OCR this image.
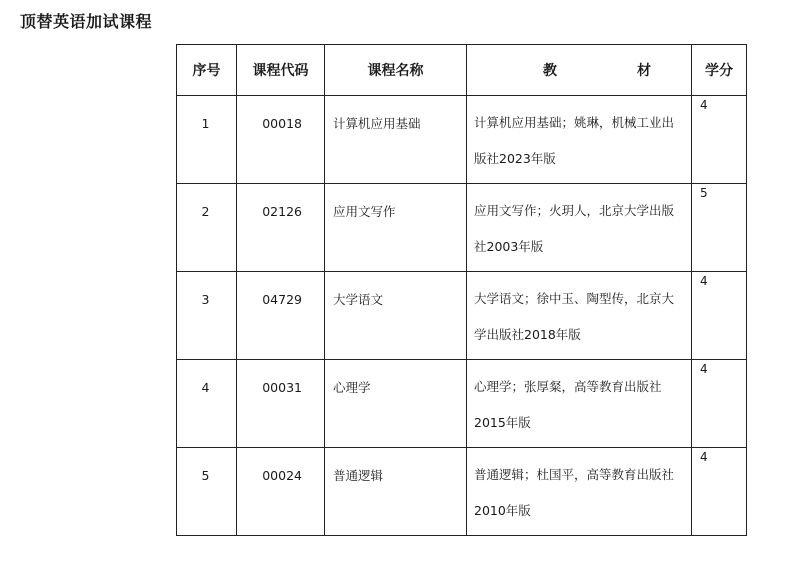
顶替英语加试课程
序号	课程代码	课程名称	教 材	学分

1	00018	计算机应用基础	计算机应用基础；姚琳，机械工业出版社2023年版	4

2	02126	应用文写作	应用文写作；火玥人，北京大学出版社2003年版	5

3	04729	大学语文	大学语文；徐中玉、陶型传，北京大学出版社2018年版	4

4	00031	心理学	心理学；张厚粲，高等教育出版社2015年版	4

5	00024	普通逻辑	普通逻辑；杜国平，高等教育出版社2010年版	4
